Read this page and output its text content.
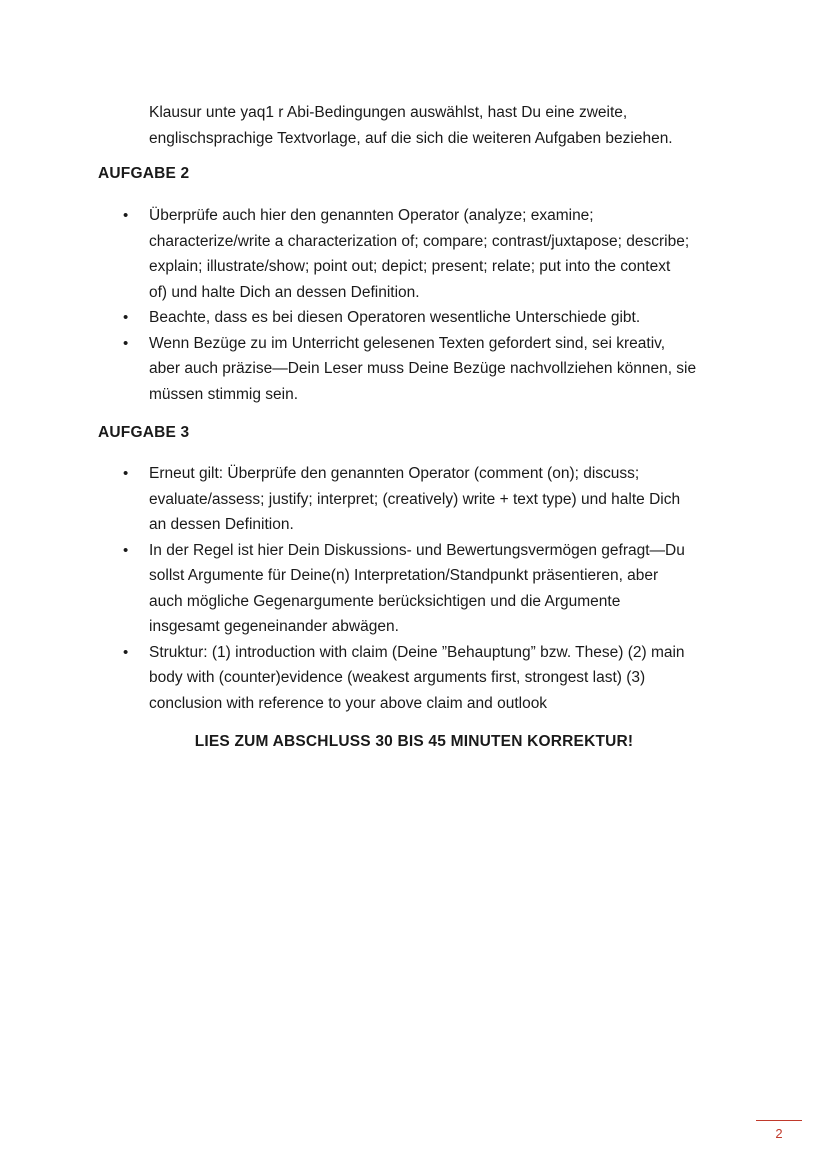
Klausur unte yaq1 r Abi-Bedingungen auswählst, hast Du eine zweite,
englischsprachige Textvorlage, auf die sich die weiteren Aufgaben beziehen.
AUFGABE 2
• Überprüfe auch hier den genannten Operator (analyze; examine;
characterize/write a characterization of; compare; contrast/juxtapose; describe;
explain; illustrate/show; point out; depict; present; relate; put into the context
of) und halte Dich an dessen Definition.
• Beachte, dass es bei diesen Operatoren wesentliche Unterschiede gibt.
• Wenn Bezüge zu im Unterricht gelesenen Texten gefordert sind, sei kreativ,
aber auch präzise—Dein Leser muss Deine Bezüge nachvollziehen können, sie
müssen stimmig sein.
AUFGABE 3
• Erneut gilt: Überprüfe den genannten Operator (comment (on); discuss;
evaluate/assess; justify; interpret; (creatively) write + text type) und halte Dich
an dessen Definition.
• In der Regel ist hier Dein Diskussions- und Bewertungsvermögen gefragt—Du
sollst Argumente für Deine(n) Interpretation/Standpunkt präsentieren, aber
auch mögliche Gegenargumente berücksichtigen und die Argumente
insgesamt gegeneinander abwägen.
• Struktur: (1) introduction with claim (Deine ”Behauptung” bzw. These) (2) main
body with (counter)evidence (weakest arguments first, strongest last) (3)
conclusion with reference to your above claim and outlook
LIES ZUM ABSCHLUSS 30 BIS 45 MINUTEN KORREKTUR!
2
